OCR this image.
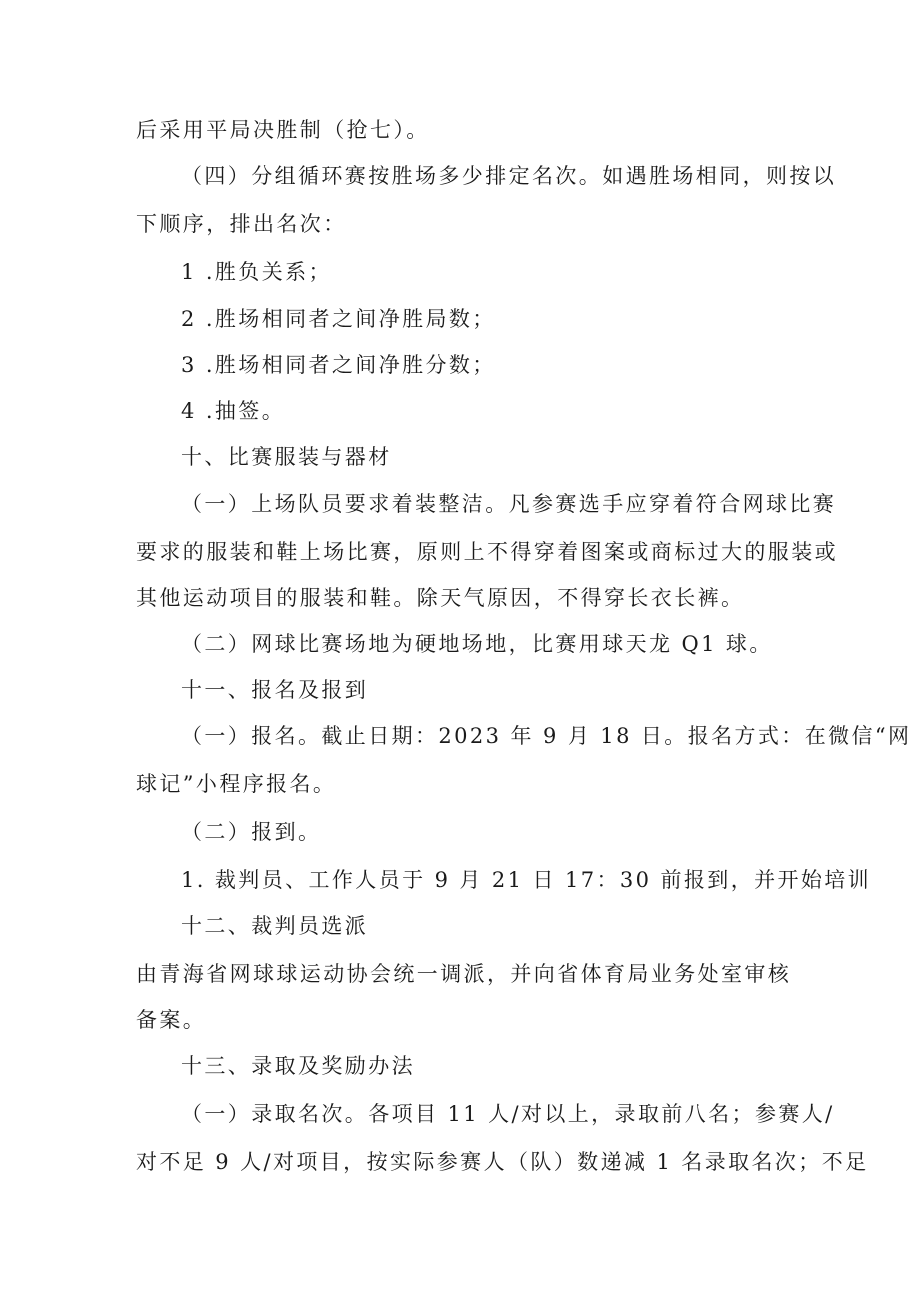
后采用平局决胜制（抢七）。
（四）分组循环赛按胜场多少排定名次。如遇胜场相同，则按以
下顺序，排出名次：
1 .胜负关系；
2 .胜场相同者之间净胜局数；
3 .胜场相同者之间净胜分数；
4 .抽签。
十、比赛服装与器材
（一）上场队员要求着装整洁。凡参赛选手应穿着符合网球比赛
要求的服装和鞋上场比赛，原则上不得穿着图案或商标过大的服装或
其他运动项目的服装和鞋。除天气原因，不得穿长衣长裤。
（二）网球比赛场地为硬地场地，比赛用球天龙 Q1 球。
十一、报名及报到
（一）报名。截止日期：2023 年 9 月 18 日。报名方式：在微信“网
球记”小程序报名。
（二）报到。
1. 裁判员、工作人员于 9 月 21 日 17：30 前报到，并开始培训
十二、裁判员选派
由青海省网球球运动协会统一调派，并向省体育局业务处室审核
备案。
十三、录取及奖励办法
（一）录取名次。各项目 11 人/对以上，录取前八名；参赛人/
对不足 9 人/对项目，按实际参赛人（队）数递减 1 名录取名次；不足
